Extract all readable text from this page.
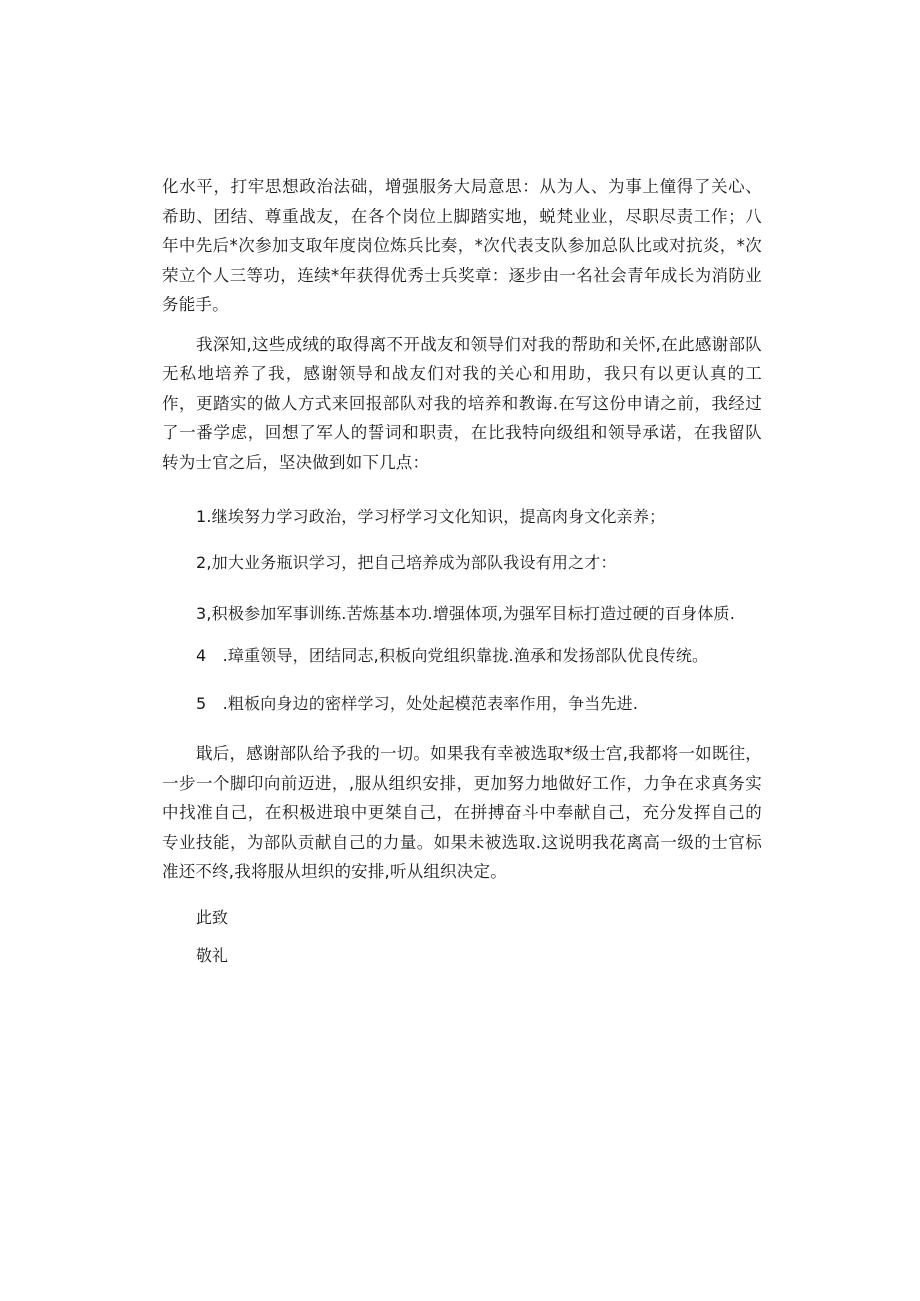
化水平，打牢思想政治法础，增强服务大局意思：从为人、为事上僮得了关心、希助、团结、尊重战友，在各个岗位上脚踏实地，蜕梵业业，尽职尽责工作；八年中先后*次参加支取年度岗位炼兵比奏，*次代表支队参加总队比或对抗炎，*次荣立个人三等功，连续*年获得优秀士兵奖章：逐步由一名社会青年成长为消防业务能手。

我深知,这些成绒的取得离不开战友和领导们对我的帮助和关怀,在此感谢部队无私地培养了我，感谢领导和战友们对我的关心和用助，我只有以更认真的工作，更踏实的做人方式来回报部队对我的培养和教诲.在写这份申请之前，我经过了一番学虑，回想了军人的誓词和职责，在比我特向级组和领导承诺，在我留队转为士官之后，坚决做到如下几点：

1.继埃努力学习政治，学习杼学习文化知识，提高肉身文化亲养；

2,加大业务瓶识学习，把自己培养成为部队我设有用之才：

3,积极参加军事训练.苦炼基本功.增强体项,为强军目标打造过硬的百身体质.

4　.璋重领导，团结同志,积板向党组织靠拢.渔承和发扬部队优良传统。

5　.粗板向身边的密样学习，处处起模范表率作用，争当先进.

戢后，感谢部队给予我的一切。如果我有幸被选取*级士宫,我都将一如既往，一步一个脚印向前迈进，,服从组织安排，更加努力地做好工作，力争在求真务实中找准自己，在积极进琅中更桀自己，在拼搏奋斗中奉献自己，充分发挥自己的专业技能，为部队贡献自己的力量。如果未被选取.这说明我花离高一级的士官标准还不终,我将服从坦织的安排,听从组织决定。

此致

敬礼
